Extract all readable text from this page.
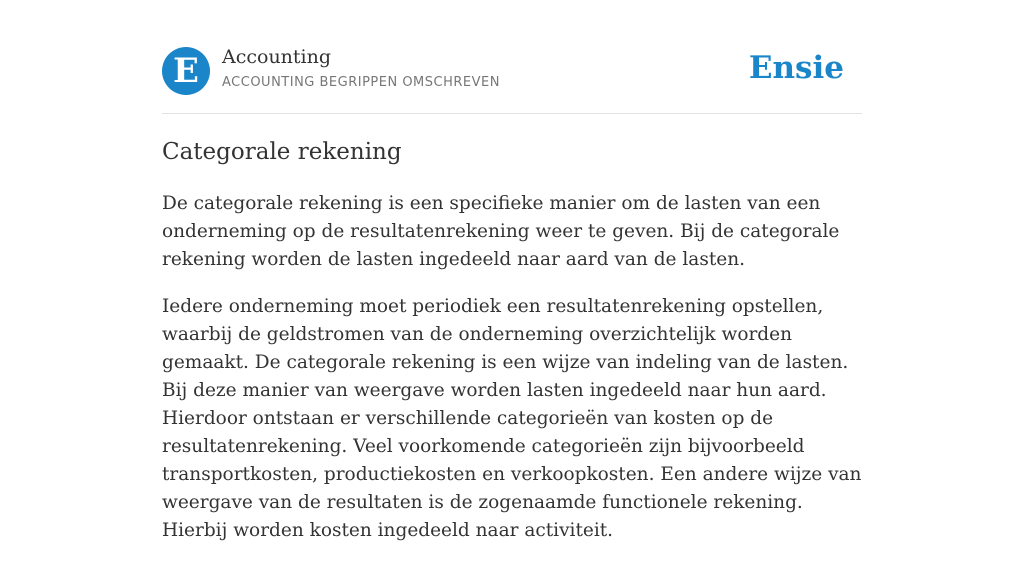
E	Accounting
ACCOUNTING BEGRIPPEN OMSCHREVEN	Ensie
Categorale rekening

De categorale rekening is een specifieke manier om de lasten van een onderneming op de resultatenrekening weer te geven. Bij de categorale rekening worden de lasten ingedeeld naar aard van de lasten.

Iedere onderneming moet periodiek een resultatenrekening opstellen, waarbij de geldstromen van de onderneming overzichtelijk worden gemaakt. De categorale rekening is een wijze van indeling van de lasten. Bij deze manier van weergave worden lasten ingedeeld naar hun aard. Hierdoor ontstaan er verschillende categorieën van kosten op de resultatenrekening. Veel voorkomende categorieën zijn bijvoorbeeld transportkosten, productiekosten en verkoopkosten. Een andere wijze van weergave van de resultaten is de zogenaamde functionele rekening. Hierbij worden kosten ingedeeld naar activiteit.
